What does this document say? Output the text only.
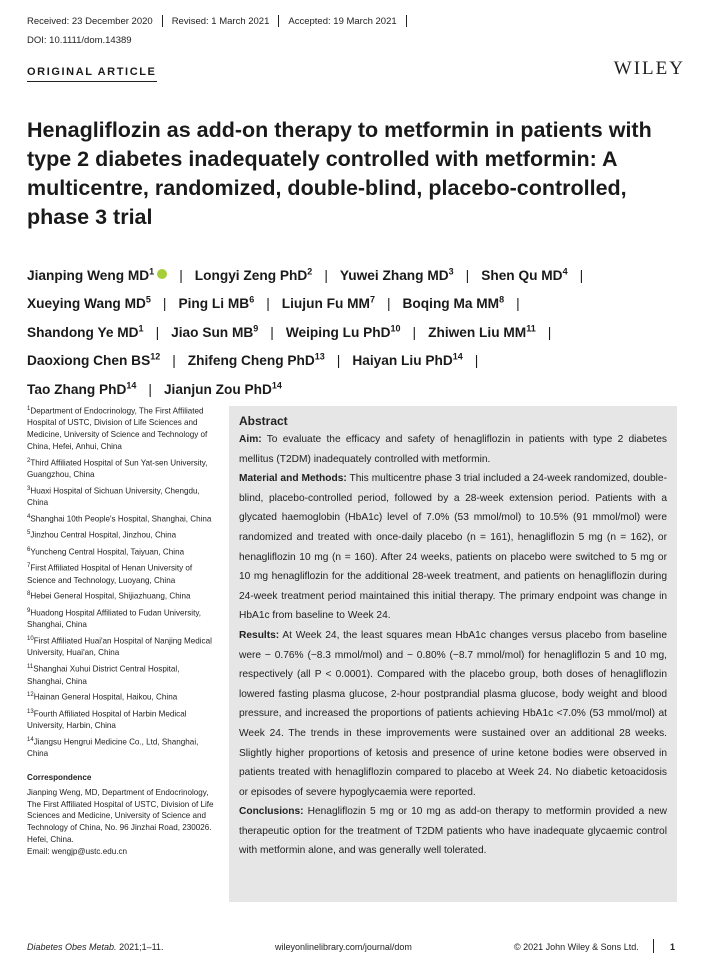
Received: 23 December 2020 Revised: 1 March 2021 Accepted: 19 March 2021
DOI: 10.1111/dom.14389
ORIGINAL ARTICLE	WILEY
Henagliflozin as add-on therapy to metformin in patients with type 2 diabetes inadequately controlled with metformin: A multicentre, randomized, double-blind, placebo-controlled, phase 3 trial
Jianping Weng $MD^1$ | Longyi Zeng PhD$^2$ | Yuwei Zhang $MD^3$ | Shen Qu $MD^4$ |
Xueying Wang $MD^5$ | Ping Li $MB^6$ | Liujun Fu $MM^7$ | Boqing Ma $MM^8$ |
Shandong Ye $MD^1$ | Jiao Sun $MB^9$ | Weiping Lu PhD$^{10}$ | Zhiwen Liu MM$^{11}$ |
Daoxiong Chen BS$^{12}$ | Zhifeng Cheng PhD$^{13}$ | Haiyan Liu PhD$^{14}$ |
Tao Zhang PhD$^{14}$ | Jianjun Zou PhD$^{14}$

$^1$Department of Endocrinology, The First Affiliated Hospital of USTC, Division of Life Sciences and Medicine, University of Science and Technology of China, Hefei, Anhui, China

$^2$Third Affiliated Hospital of Sun Yat-sen University, Guangzhou, China

$^3$Huaxi Hospital of Sichuan University, Chengdu, China

$^4$Shanghai 10th People's Hospital, Shanghai, China

$^5$Jinzhou Central Hospital, Jinzhou, China

$^6$Yuncheng Central Hospital, Taiyuan, China

$^7$First Affiliated Hospital of Henan University of Science and Technology, Luoyang, China

$^8$Hebei General Hospital, Shijiazhuang, China

$^9$Huadong Hospital Affiliated to Fudan University, Shanghai, China

$^{10}$First Affiliated Huai'an Hospital of Nanjing Medical University, Huai'an, China

$^{11}$Shanghai Xuhui District Central Hospital, Shanghai, China

$^{12}$Hainan General Hospital, Haikou, China

$^{13}$Fourth Affiliated Hospital of Harbin Medical University, Harbin, China

$^{14}$Jiangsu Hengrui Medicine Co., Ltd, Shanghai, China

Correspondence

Jianping Weng, MD, Department of Endocrinology, The First Affiliated Hospital of USTC, Division of Life Sciences and Medicine, University of Science and Technology of China, No. 96 Jinzhai Road, 230026. Hefei, China.

Email: wengjp@ustc.edu.cn

Abstract

Aim: To evaluate the efficacy and safety of henagliflozin in patients with type 2 diabetes mellitus (T2DM) inadequately controlled with metformin.

Material and Methods: This multicentre phase 3 trial included a 24-week randomized, double-blind, placebo-controlled period, followed by a 28-week extension period. Patients with a glycated haemoglobin (HbA1c) level of 7.0% (53 mmol/mol) to 10.5% (91 mmol/mol) were randomized and treated with once-daily placebo (n = 161), henagliflozin 5 mg (n = 162), or henagliflozin 10 mg (n = 160). After 24 weeks, patients on placebo were switched to 5 mg or 10 mg henagliflozin for the additional 28-week treatment, and patients on henagliflozin during 24-week treatment period maintained this initial therapy. The primary endpoint was change in HbA1c from baseline to Week 24.

Results: At Week 24, the least squares mean HbA1c changes versus placebo from baseline were − 0.76% (−8.3 mmol/mol) and − 0.80% (−8.7 mmol/mol) for henagliflozin 5 and 10 mg, respectively (all P < 0.0001). Compared with the placebo group, both doses of henagliflozin lowered fasting plasma glucose, 2-hour postprandial plasma glucose, body weight and blood pressure, and increased the proportions of patients achieving HbA1c <7.0% (53 mmol/mol) at Week 24. The trends in these improvements were sustained over an additional 28 weeks. Slightly higher proportions of ketosis and presence of urine ketone bodies were observed in patients treated with henagliflozin compared to placebo at Week 24. No diabetic ketoacidosis or episodes of severe hypoglycaemia were reported.

Conclusions: Henagliflozin 5 mg or 10 mg as add-on therapy to metformin provided a new therapeutic option for the treatment of T2DM patients who have inadequate glycaemic control with metformin alone, and was generally well tolerated.

Diabetes Obes Metab. 2021;1–11.	wileyonlinelibrary.com/journal/dom	© 2021 John Wiley & Sons Ltd.	1
